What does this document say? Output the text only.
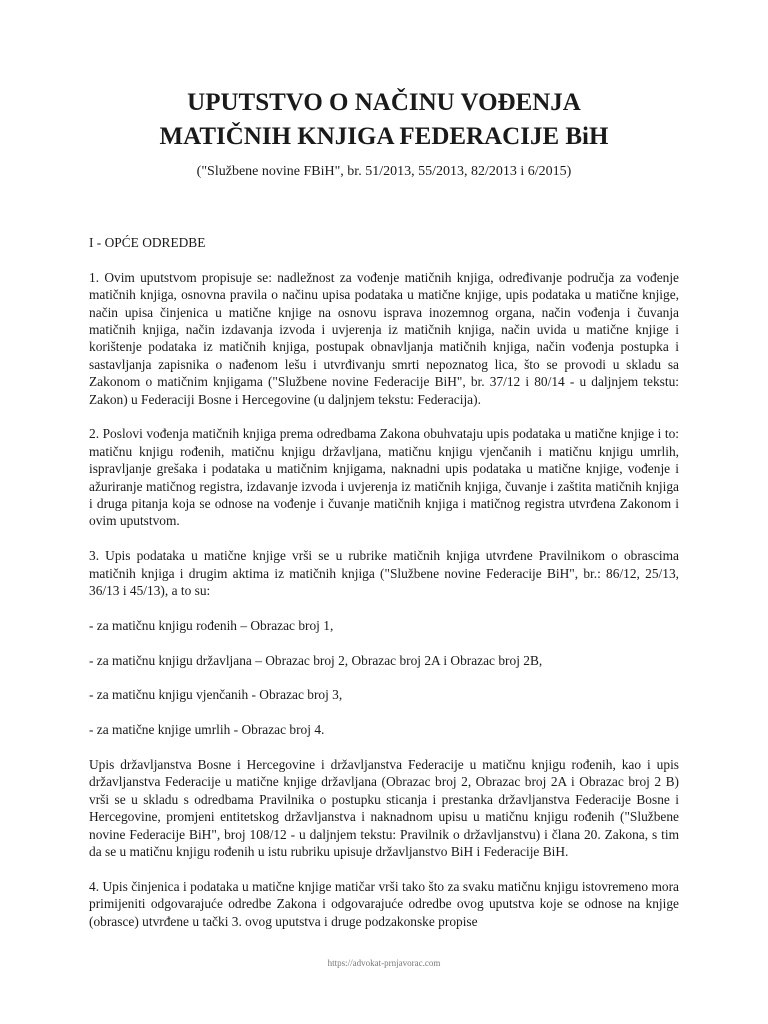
UPUTSTVO O NAČINU VOĐENJA
MATIČNIH KNJIGA FEDERACIJE BiH

("Službene novine FBiH", br. 51/2013, 55/2013, 82/2013 i 6/2015)

I - OPĆE ODREDBE

1. Ovim uputstvom propisuje se: nadležnost za vođenje matičnih knjiga, određivanje područja za vođenje matičnih knjiga, osnovna pravila o načinu upisa podataka u matične knjige, upis podataka u matične knjige, način upisa činjenica u matične knjige na osnovu isprava inozemnog organa, način vođenja i čuvanja matičnih knjiga, način izdavanja izvoda i uvjerenja iz matičnih knjiga, način uvida u matične knjige i korištenje podataka iz matičnih knjiga, postupak obnavljanja matičnih knjiga, način vođenja postupka i sastavljanja zapisnika o nađenom lešu i utvrđivanju smrti nepoznatog lica, što se provodi u skladu sa Zakonom o matičnim knjigama ("Službene novine Federacije BiH", br. 37/12 i 80/14 - u daljnjem tekstu: Zakon) u Federaciji Bosne i Hercegovine (u daljnjem tekstu: Federacija).

2. Poslovi vođenja matičnih knjiga prema odredbama Zakona obuhvataju upis podataka u matične knjige i to: matičnu knjigu rođenih, matičnu knjigu državljana, matičnu knjigu vjenčanih i matičnu knjigu umrlih, ispravljanje grešaka i podataka u matičnim knjigama, naknadni upis podataka u matične knjige, vođenje i ažuriranje matičnog registra, izdavanje izvoda i uvjerenja iz matičnih knjiga, čuvanje i zaštita matičnih knjiga i druga pitanja koja se odnose na vođenje i čuvanje matičnih knjiga i matičnog registra utvrđena Zakonom i ovim uputstvom.

3. Upis podataka u matične knjige vrši se u rubrike matičnih knjiga utvrđene Pravilnikom o obrascima matičnih knjiga i drugim aktima iz matičnih knjiga ("Službene novine Federacije BiH", br.: 86/12, 25/13, 36/13 i 45/13), a to su:

- za matičnu knjigu rođenih – Obrazac broj 1,

- za matičnu knjigu državljana – Obrazac broj 2, Obrazac broj 2A i Obrazac broj 2B,

- za matičnu knjigu vjenčanih - Obrazac broj 3,

- za matične knjige umrlih - Obrazac broj 4.

Upis državljanstva Bosne i Hercegovine i državljanstva Federacije u matičnu knjigu rođenih, kao i upis državljanstva Federacije u matične knjige državljana (Obrazac broj 2, Obrazac broj 2A i Obrazac broj 2 B) vrši se u skladu s odredbama Pravilnika o postupku sticanja i prestanka državljanstva Federacije Bosne i Hercegovine, promjeni entitetskog državljanstva i naknadnom upisu u matičnu knjigu rođenih ("Službene novine Federacije BiH", broj 108/12 - u daljnjem tekstu: Pravilnik o državljanstvu) i člana 20. Zakona, s tim da se u matičnu knjigu rođenih u istu rubriku upisuje državljanstvo BiH i Federacije BiH.

4. Upis činjenica i podataka u matične knjige matičar vrši tako što za svaku matičnu knjigu istovremeno mora primijeniti odgovarajuće odredbe Zakona i odgovarajuće odredbe ovog uputstva koje se odnose na knjige (obrasce) utvrđene u tački 3. ovog uputstva i druge podzakonske propise

https://advokat-prnjavorac.com
